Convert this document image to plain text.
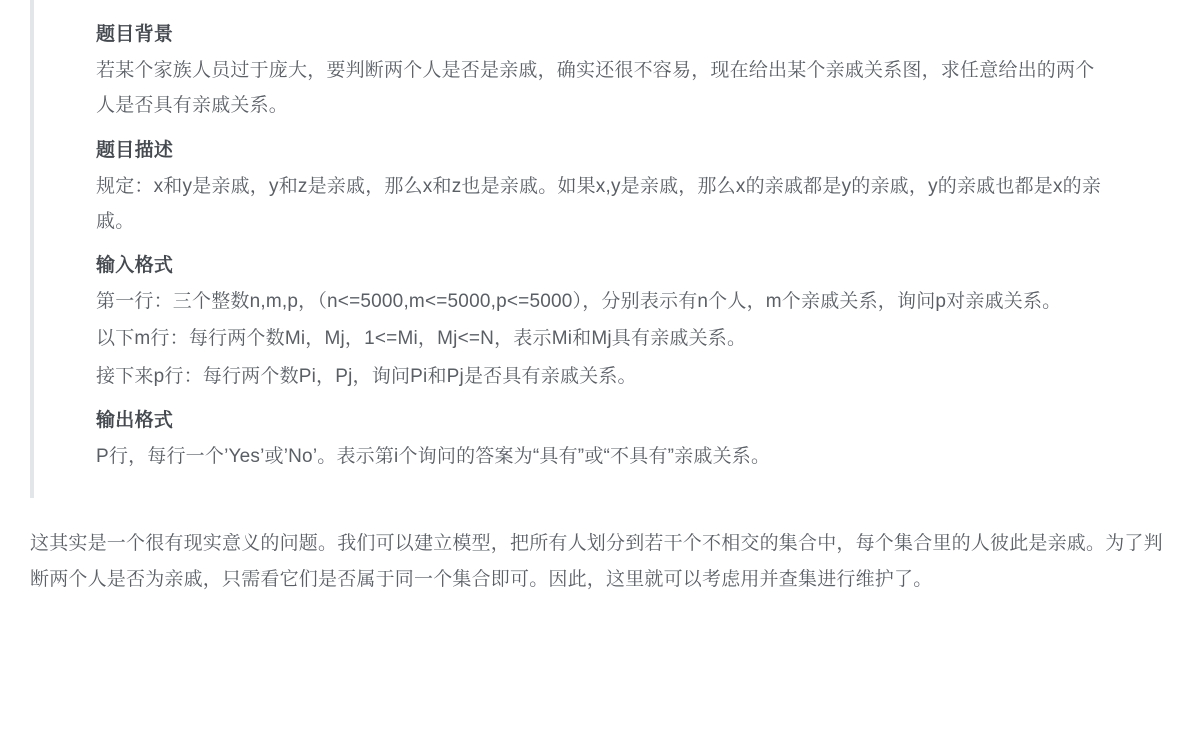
题目背景

若某个家族人员过于庞大，要判断两个人是否是亲戚，确实还很不容易，现在给出某个亲戚关系图，求任意给出的两个人是否具有亲戚关系。

题目描述

规定：x和y是亲戚，y和z是亲戚，那么x和z也是亲戚。如果x,y是亲戚，那么x的亲戚都是y的亲戚，y的亲戚也都是x的亲戚。

输入格式

第一行：三个整数n,m,p，（n<=5000,m<=5000,p<=5000），分别表示有n个人，m个亲戚关系，询问p对亲戚关系。

以下m行：每行两个数Mi，Mj，1<=Mi，Mj<=N，表示Mi和Mj具有亲戚关系。

接下来p行：每行两个数Pi，Pj，询问Pi和Pj是否具有亲戚关系。

输出格式

P行，每行一个’Yes’或’No’。表示第i个询问的答案为“具有”或“不具有”亲戚关系。

这其实是一个很有现实意义的问题。我们可以建立模型，把所有人划分到若干个不相交的集合中，每个集合里的人彼此是亲戚。为了判断两个人是否为亲戚，只需看它们是否属于同一个集合即可。因此，这里就可以考虑用并查集进行维护了。
